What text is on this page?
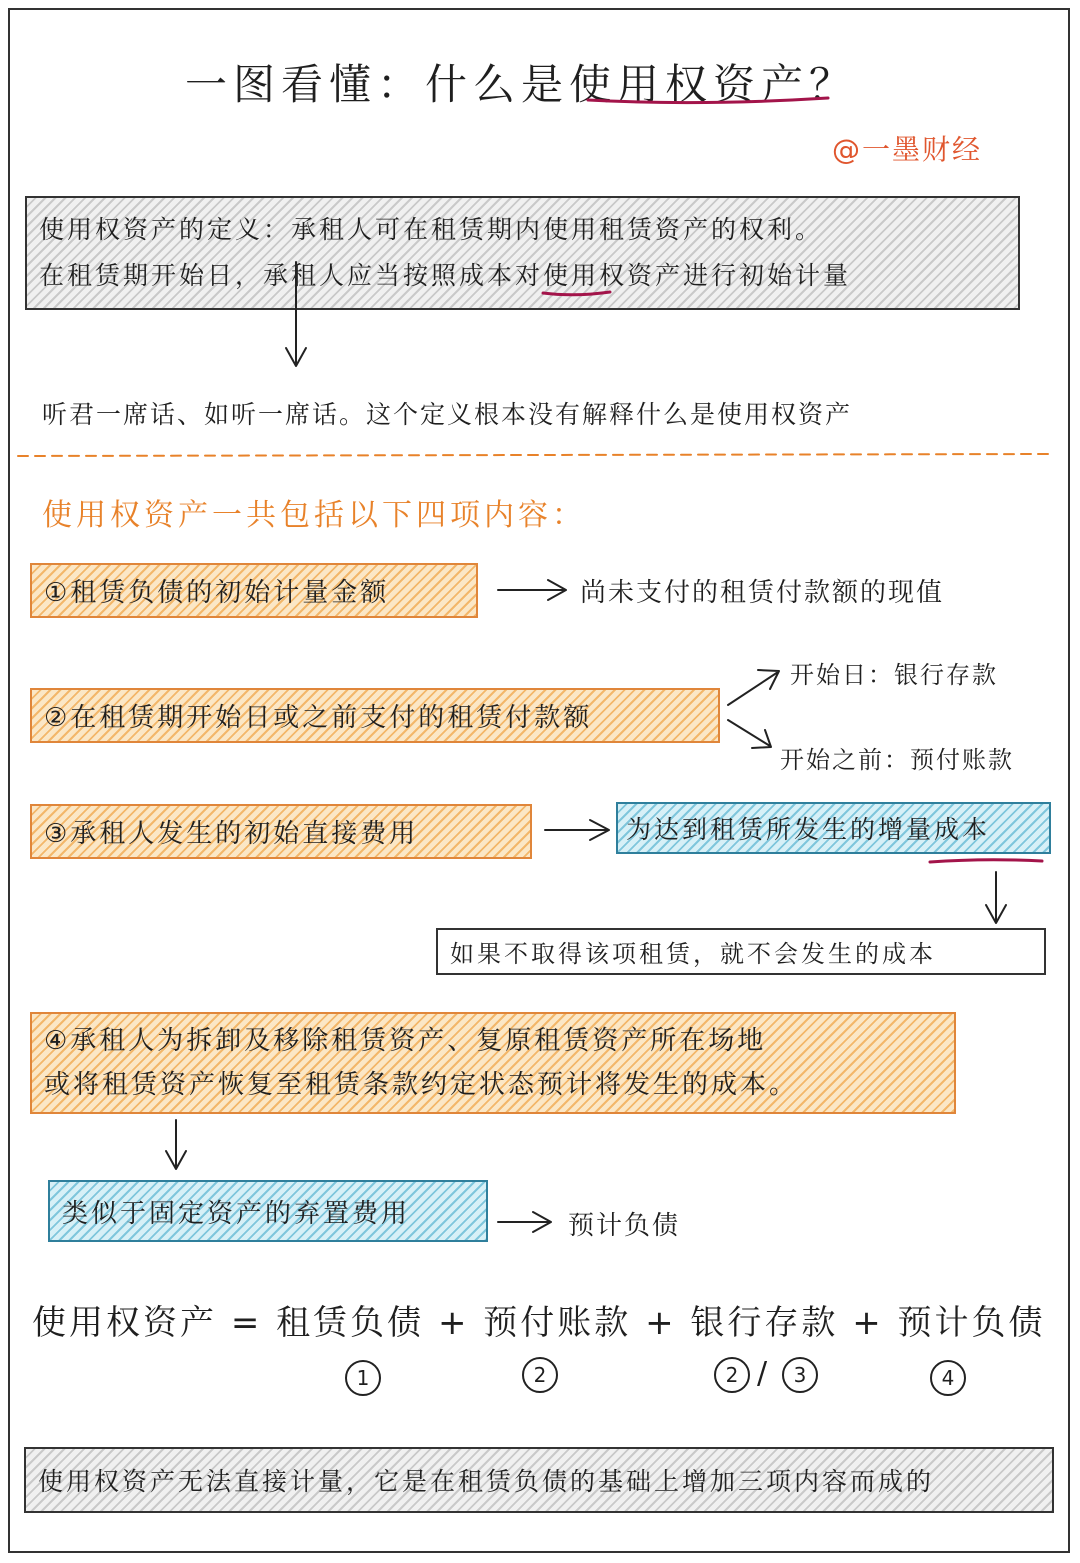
一图看懂：什么是使用权资产？
@一墨财经
使用权资产的定义：承租人可在租赁期内使用租赁资产的权利。
在租赁期开始日，承租人应当按照成本对使用权资产进行初始计量
听君一席话、如听一席话。这个定义根本没有解释什么是使用权资产
使用权资产一共包括以下四项内容：
①租赁负债的初始计量金额	尚未支付的租赁付款额的现值
②在租赁期开始日或之前支付的租赁付款额
开始日：银行存款
开始之前：预付账款
③承租人发生的初始直接费用	为达到租赁所发生的增量成本
如果不取得该项租赁，就不会发生的成本
④承租人为拆卸及移除租赁资产、复原租赁资产所在场地
或将租赁资产恢复至租赁条款约定状态预计将发生的成本。
类似于固定资产的弃置费用	预计负债
使用权资产 = 租赁负债 + 预付账款 + 银行存款 + 预计负债
1	2	2 /	3	4
使用权资产无法直接计量，它是在租赁负债的基础上增加三项内容而成的
